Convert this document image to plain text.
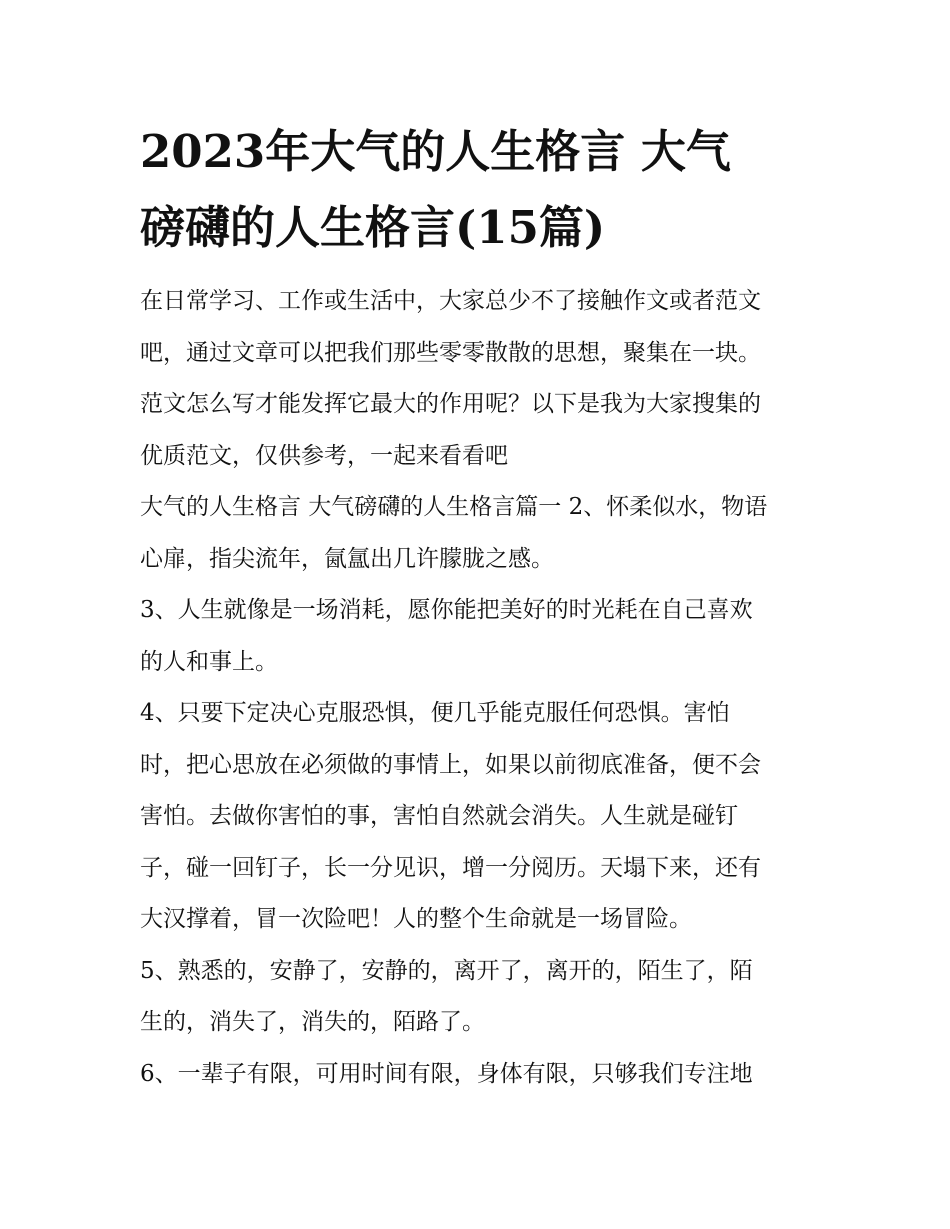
2023年大气的人生格言 大气
磅礴的人生格言(15篇)
在日常学习、工作或生活中，大家总少不了接触作文或者范文
吧，通过文章可以把我们那些零零散散的思想，聚集在一块。
范文怎么写才能发挥它最大的作用呢？以下是我为大家搜集的
优质范文，仅供参考，一起来看看吧
大气的人生格言 大气磅礴的人生格言篇一 2、怀柔似水，物语
心扉，指尖流年，氤氲出几许朦胧之感。
3、人生就像是一场消耗，愿你能把美好的时光耗在自己喜欢
的人和事上。
4、只要下定决心克服恐惧，便几乎能克服任何恐惧。害怕
时，把心思放在必须做的事情上，如果以前彻底准备，便不会
害怕。去做你害怕的事，害怕自然就会消失。人生就是碰钉
子，碰一回钉子，长一分见识，增一分阅历。天塌下来，还有
大汉撑着，冒一次险吧！人的整个生命就是一场冒险。
5、熟悉的，安静了，安静的，离开了，离开的，陌生了，陌
生的，消失了，消失的，陌路了。
6、一辈子有限，可用时间有限，身体有限，只够我们专注地
